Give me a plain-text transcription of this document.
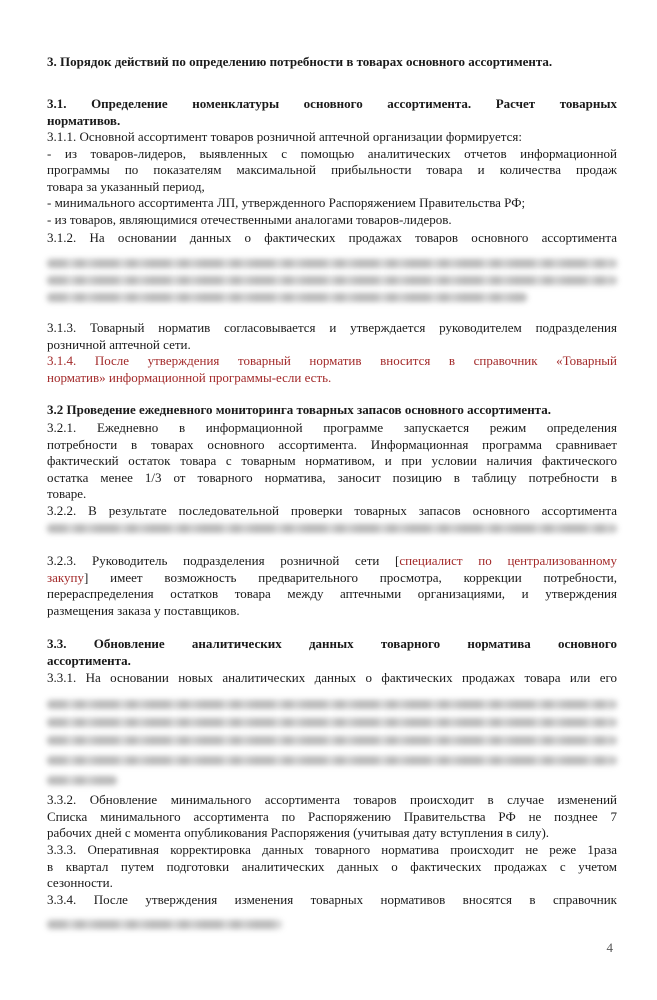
3. Порядок действий по определению потребности в товарах основного ассортимента.
3.1. Определение номенклатуры основного ассортимента. Расчет товарных
нормативов.
3.1.1. Основной ассортимент товаров розничной аптечной организации формируется:
- из товаров-лидеров, выявленных с помощью аналитических отчетов информационной
программы по показателям максимальной прибыльности товара и количества продаж
товара за указанный период,
- минимального ассортимента ЛП, утвержденного Распоряжением Правительства РФ;
- из товаров, являющимися отечественными аналогами товаров-лидеров.
3.1.2. На основании данных о фактических продажах товаров основного ассортимента
3.1.3. Товарный норматив согласовывается и утверждается руководителем подразделения
розничной аптечной сети.
3.1.4. После утверждения товарный норматив вносится в справочник «Товарный
норматив» информационной программы-если есть.
3.2 Проведение ежедневного мониторинга товарных запасов основного ассортимента.
3.2.1. Ежедневно в информационной программе запускается режим определения
потребности в товарах основного ассортимента. Информационная программа сравнивает
фактический остаток товара с товарным нормативом, и при условии наличия фактического
остатка менее 1/3 от товарного норматива, заносит позицию в таблицу потребности в
товаре.
3.2.2. В результате последовательной проверки товарных запасов основного ассортимента
3.2.3. Руководитель подразделения розничной сети [специалист по централизованному
закупу] имеет возможность предварительного просмотра, коррекции потребности,
перераспределения остатков товара между аптечными организациями, и утверждения
размещения заказа у поставщиков.
3.3. Обновление аналитических данных товарного норматива основного
ассортимента.
3.3.1. На основании новых аналитических данных о фактических продажах товара или его
3.3.2. Обновление минимального ассортимента товаров происходит в случае изменений
Списка минимального ассортимента по Распоряжению Правительства РФ не позднее 7
рабочих дней с момента опубликования Распоряжения (учитывая дату вступления в силу).
3.3.3. Оперативная корректировка данных товарного норматива происходит не реже 1раза
в квартал путем подготовки аналитических данных о фактических продажах с учетом
сезонности.
3.3.4. После утверждения изменения товарных нормативов вносятся в справочник
4
